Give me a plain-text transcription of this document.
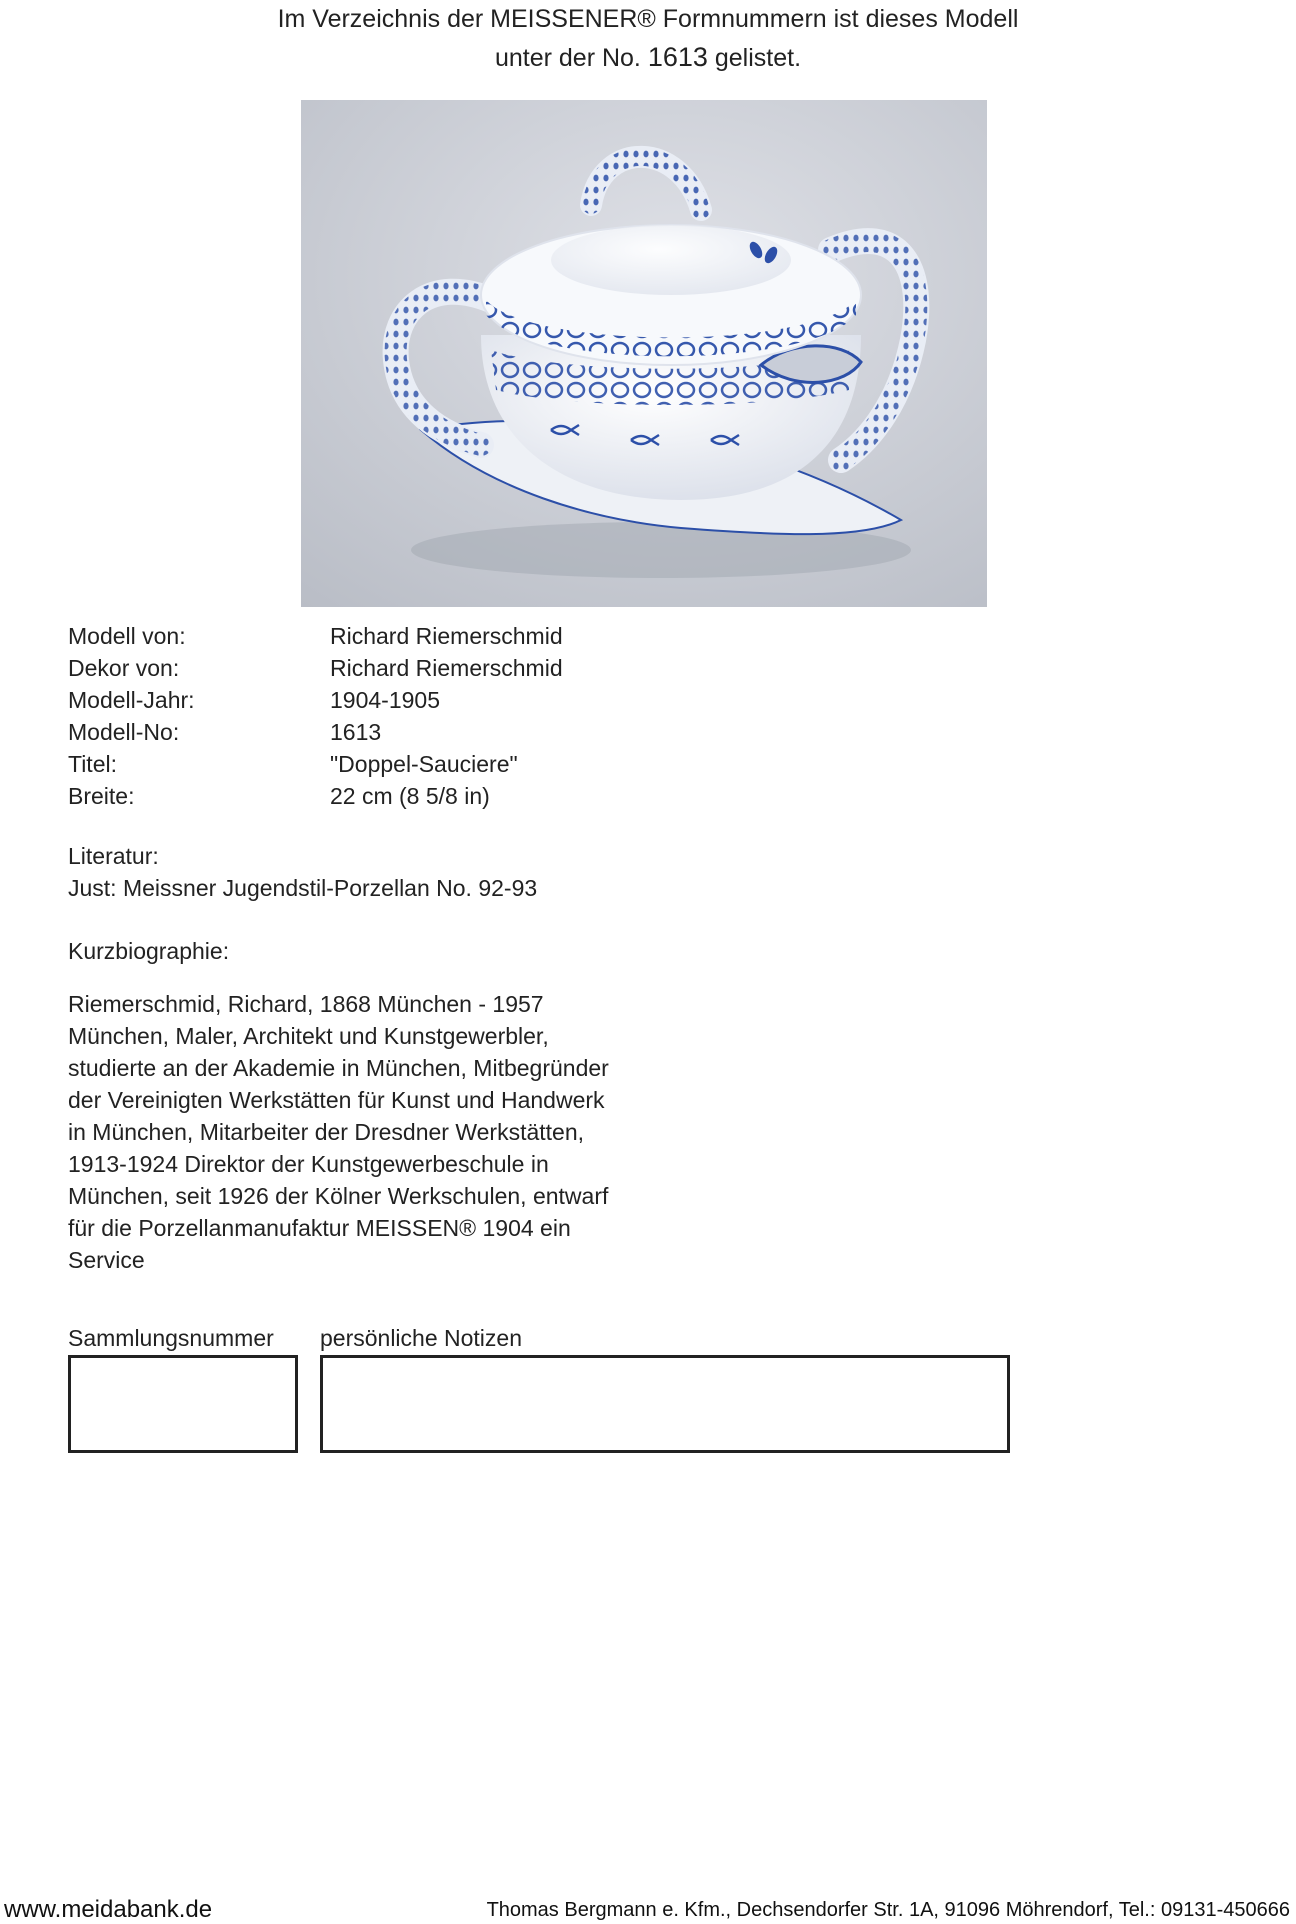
Im Verzeichnis der MEISSENER® Formnummern ist dieses Modell
unter der No. 1613 gelistet.
Modell von:	Richard Riemerschmid
Dekor von:	Richard Riemerschmid
Modell-Jahr:	1904-1905
Modell-No:	1613
Titel:	"Doppel-Sauciere"
Breite:	22 cm (8 5/8 in)
Literatur:
Just: Meissner Jugendstil-Porzellan No. 92-93
Kurzbiographie:
Riemerschmid, Richard, 1868 München - 1957
München, Maler, Architekt und Kunstgewerbler,
studierte an der Akademie in München, Mitbegründer
der Vereinigten Werkstätten für Kunst und Handwerk
in München, Mitarbeiter der Dresdner Werkstätten,
1913-1924 Direktor der Kunstgewerbeschule in
München, seit 1926 der Kölner Werkschulen, entwarf
für die Porzellanmanufaktur MEISSEN® 1904 ein
Service
Sammlungsnummer persönliche Notizen
www.meidabank.de	Thomas Bergmann e. Kfm., Dechsendorfer Str. 1A, 91096 Möhrendorf, Tel.: 09131-450666
